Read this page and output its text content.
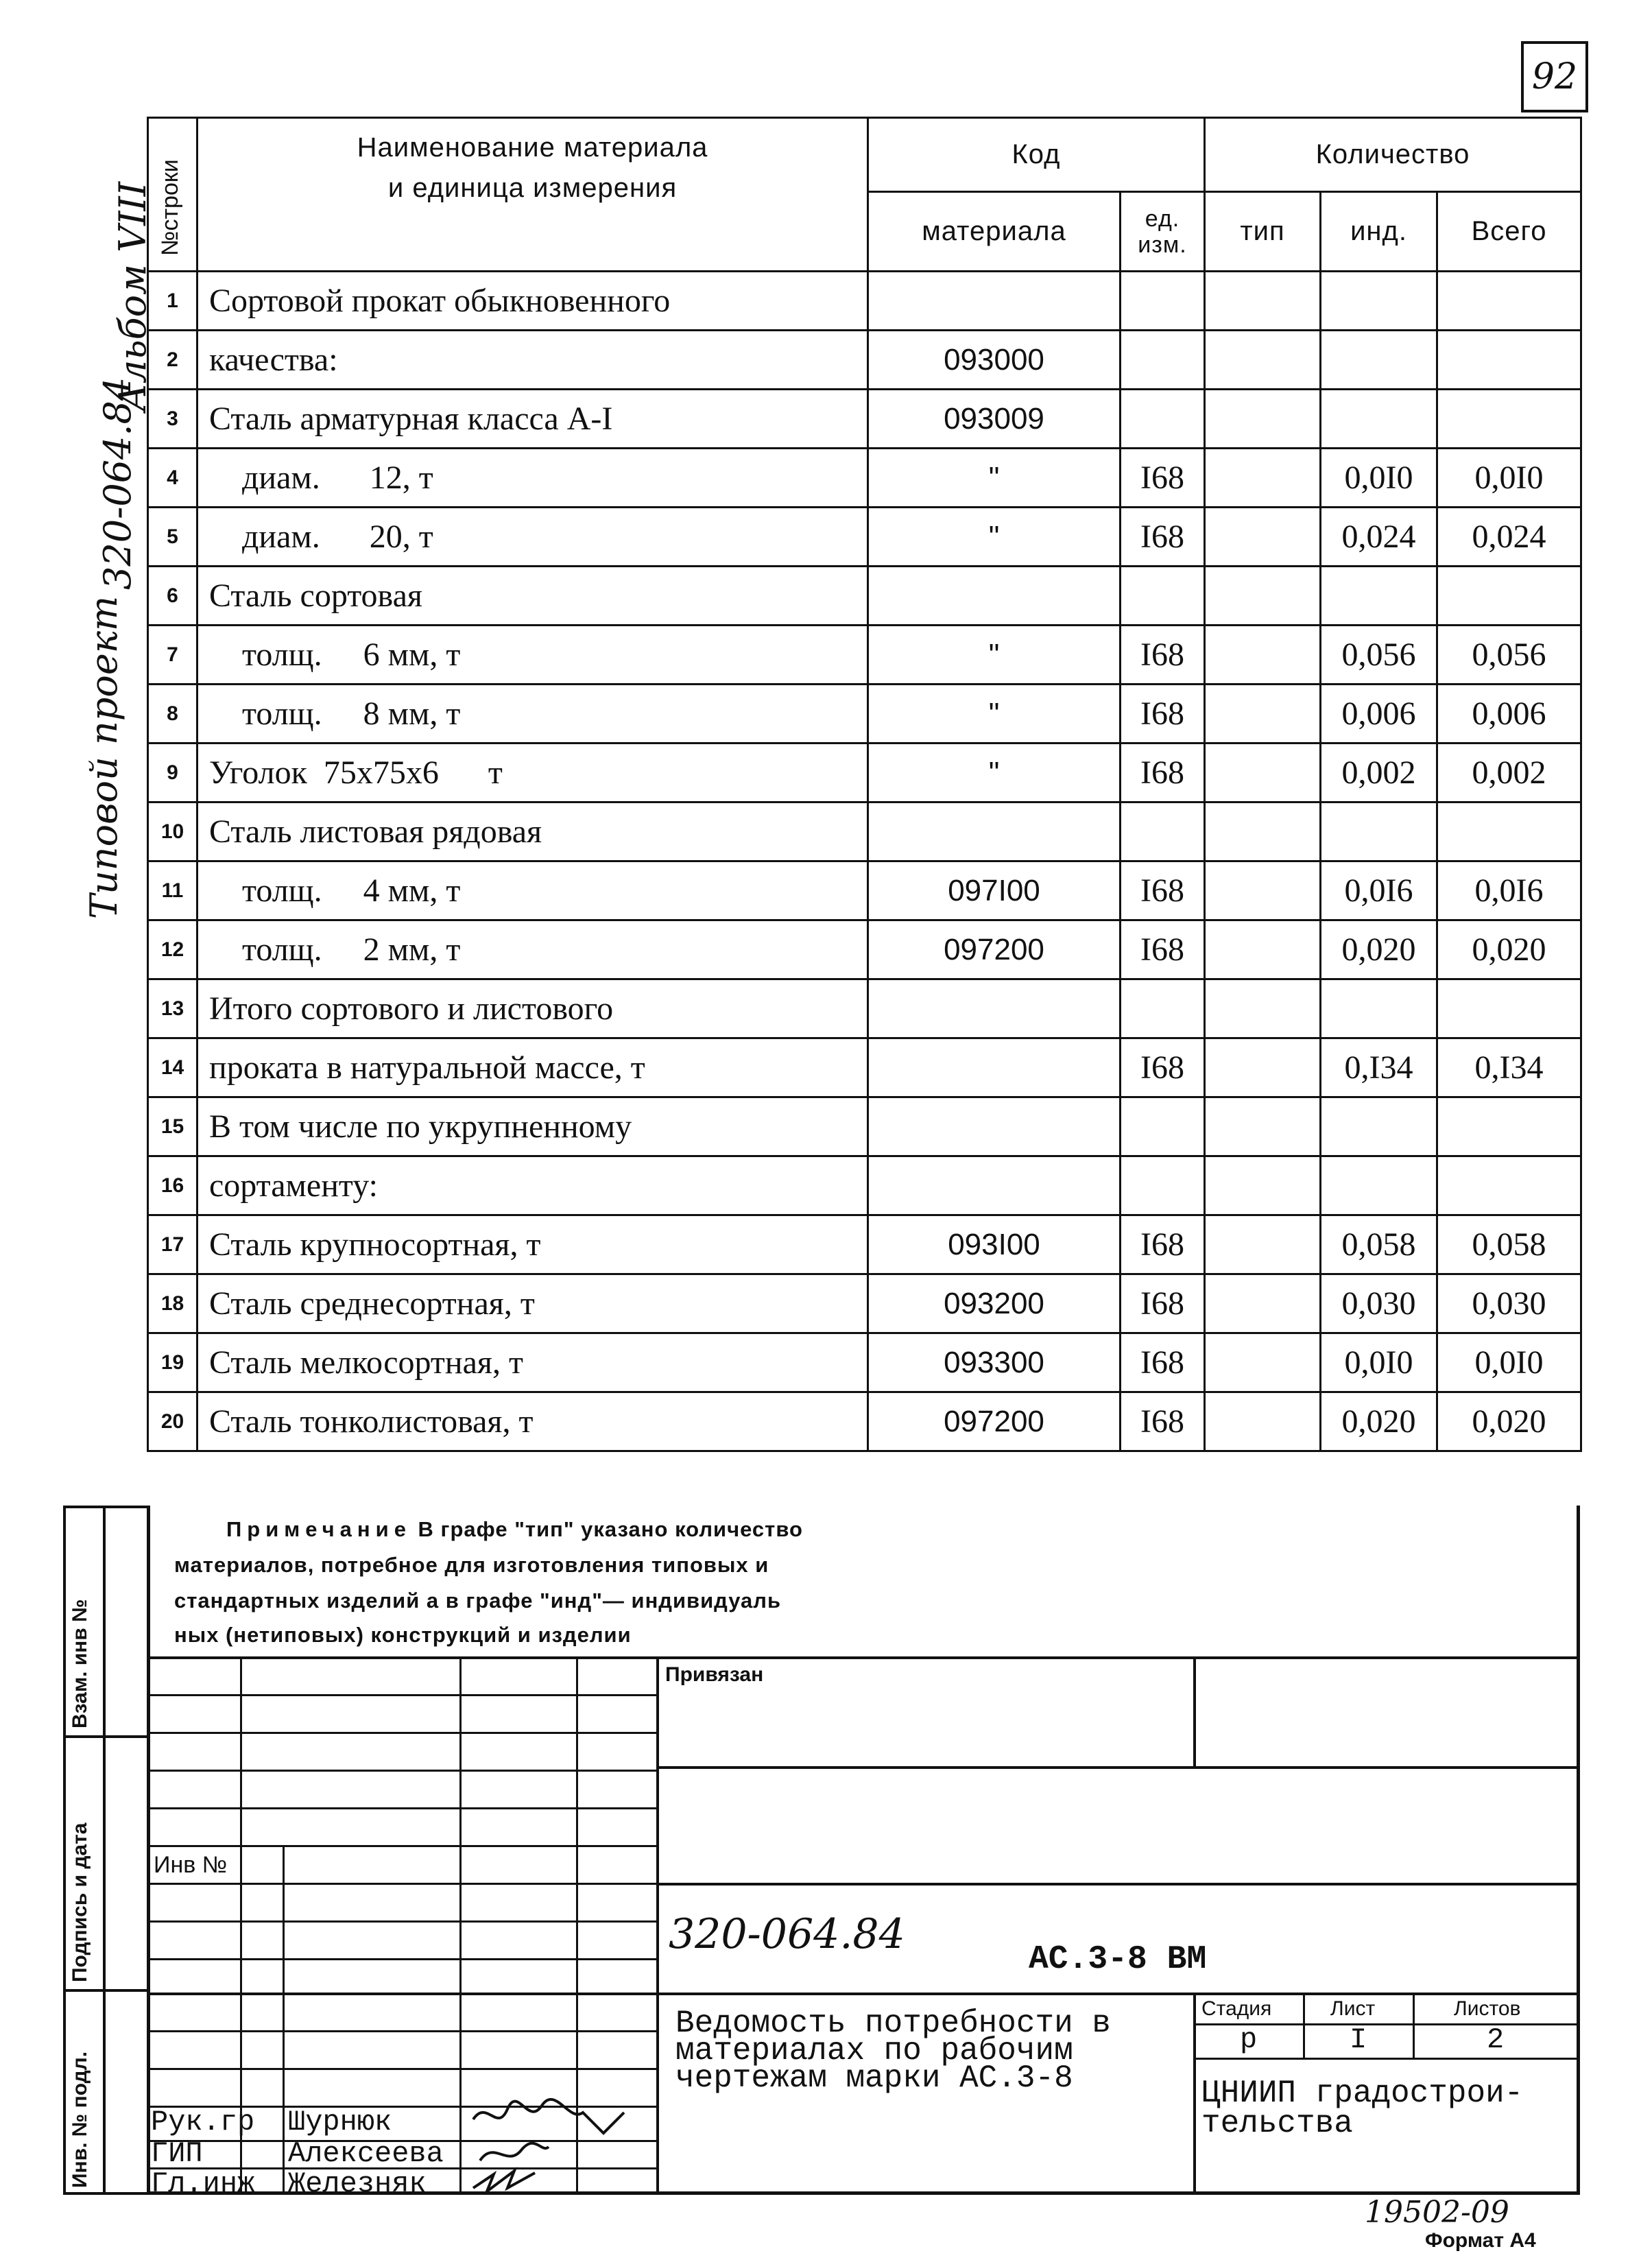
92
Типовой проект
320-064.84
Альбом VIII №строки	Наименование материала
и единица измерения	Код		Количество		
		материала	ед. изм.	тип	инд.	Всего
1	Сортовой прокат обыкновенного					
2	качества:	093000				
3	Сталь арматурная класса А-I	093009				
4	диам.      12, т	"	I68		0,0I0	0,0I0
5	диам.      20, т	"	I68		0,024	0,024
6	Сталь сортовая					
7	толщ.     6 мм, т	"	I68		0,056	0,056
8	толщ.     8 мм, т	"	I68		0,006	0,006
9	Уголок  75х75х6      т	"	I68		0,002	0,002
10	Сталь листовая рядовая					
11	толщ.     4 мм, т	097I00	I68		0,0I6	0,0I6
12	толщ.     2 мм, т	097200	I68		0,020	0,020
13	Итого сортового и листового					
14	проката в натуральной массе, т		I68		0,I34	0,I34
15	В том числе по укрупненному					
16	сортаменту:					
17	Сталь крупносортная, т	093I00	I68		0,058	0,058
18	Сталь среднесортная, т	093200	I68		0,030	0,030
19	Сталь мелкосортная, т	093300	I68		0,0I0	0,0I0
20	Сталь тонколистовая, т	097200	I68		0,020	0,020
Примечание В графе "тип" указано количество
материалов, потребное для изготовления типовых и
стандартных изделий а в графе "инд"— индивидуаль
ных (нетиповых) конструкций и изделии
Взам. инв №
Подпись и дата
Инв. № подл.
Привязан
Инв №
320-064.84
АС.3-8 ВМ
Ведомость потребности в
материалах по рабочим
чертежам марки АС.3-8
Стадия	Лист	Листов
р	I	2
ЦНИИП градострои-
тельства
Рук.гр Шурнюк
ГИП	Алексеева
Гл.инж Железняк
19502-09
Формат А4
